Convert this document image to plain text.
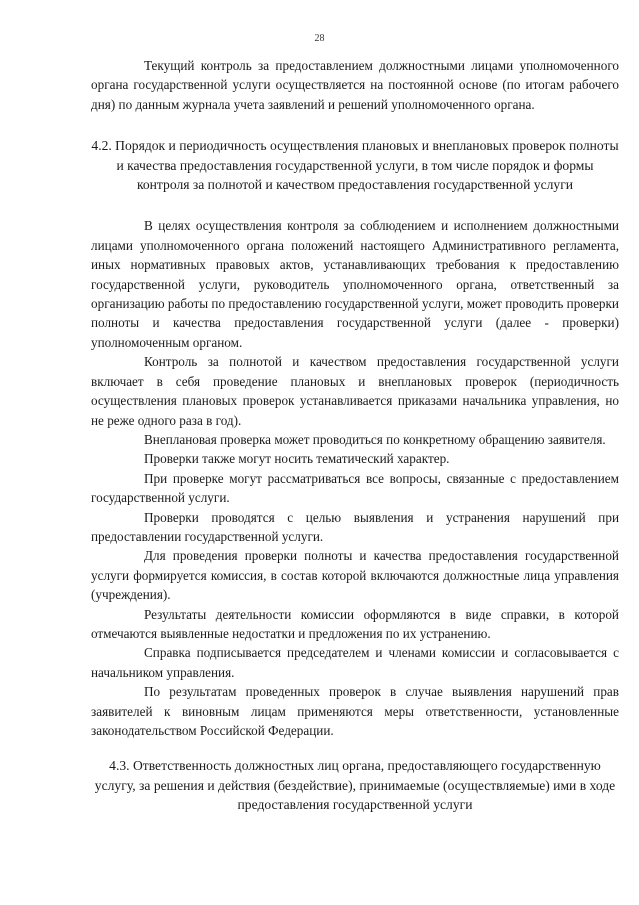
28

Текущий контроль за предоставлением должностными лицами уполномоченного органа государственной услуги осуществляется на постоянной основе (по итогам рабочего дня) по данным журнала учета заявлений и решений уполномоченного органа.

4.2. Порядок и периодичность осуществления плановых и внеплановых проверок полноты и качества предоставления государственной услуги, в том числе порядок и формы контроля за полнотой и качеством предоставления государственной услуги

В целях осуществления контроля за соблюдением и исполнением должностными лицами уполномоченного органа положений настоящего Административного регламента, иных нормативных правовых актов, устанавливающих требования к предоставлению государственной услуги, руководитель уполномоченного органа, ответственный за организацию работы по предоставлению государственной услуги, может проводить проверки полноты и качества предоставления государственной услуги (далее - проверки) уполномоченным органом.

Контроль за полнотой и качеством предоставления государственной услуги включает в себя проведение плановых и внеплановых проверок (периодичность осуществления плановых проверок устанавливается приказами начальника управления, но не реже одного раза в год).

Внеплановая проверка может проводиться по конкретному обращению заявителя.

Проверки также могут носить тематический характер.

При проверке могут рассматриваться все вопросы, связанные с предоставлением государственной услуги.

Проверки проводятся с целью выявления и устранения нарушений при предоставлении государственной услуги.

Для проведения проверки полноты и качества предоставления государственной услуги формируется комиссия, в состав которой включаются должностные лица управления (учреждения).

Результаты деятельности комиссии оформляются в виде справки, в которой отмечаются выявленные недостатки и предложения по их устранению.

Справка подписывается председателем и членами комиссии и согласовывается с начальником управления.

По результатам проведенных проверок в случае выявления нарушений прав заявителей к виновным лицам применяются меры ответственности, установленные законодательством Российской Федерации.

4.3. Ответственность должностных лиц органа, предоставляющего государственную услугу, за решения и действия (бездействие), принимаемые (осуществляемые) ими в ходе предоставления государственной услуги
